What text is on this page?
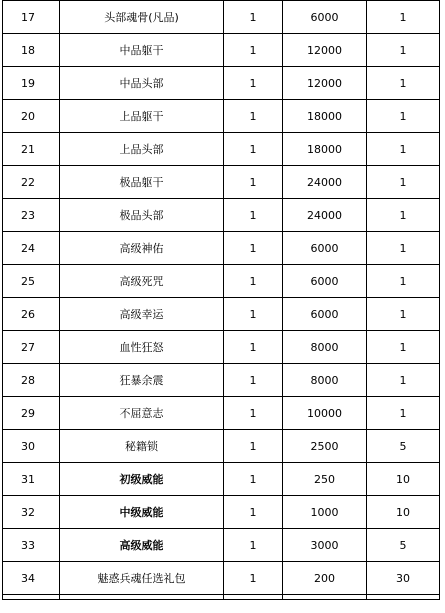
17	头部魂骨(凡品)	1	6000	1
18	中品躯干	1	12000	1
19	中品头部	1	12000	1
20	上品躯干	1	18000	1
21	上品头部	1	18000	1
22	极品躯干	1	24000	1
23	极品头部	1	24000	1
24	高级神佑	1	6000	1
25	高级死咒	1	6000	1
26	高级幸运	1	6000	1
27	血性狂怒	1	8000	1
28	狂暴余震	1	8000	1
29	不屈意志	1	10000	1
30	秘籍锁	1	2500	5
31	初级威能	1	250	10
32	中级威能	1	1000	10
33	高级威能	1	3000	5
34	魅惑兵魂任选礼包	1	200	30
